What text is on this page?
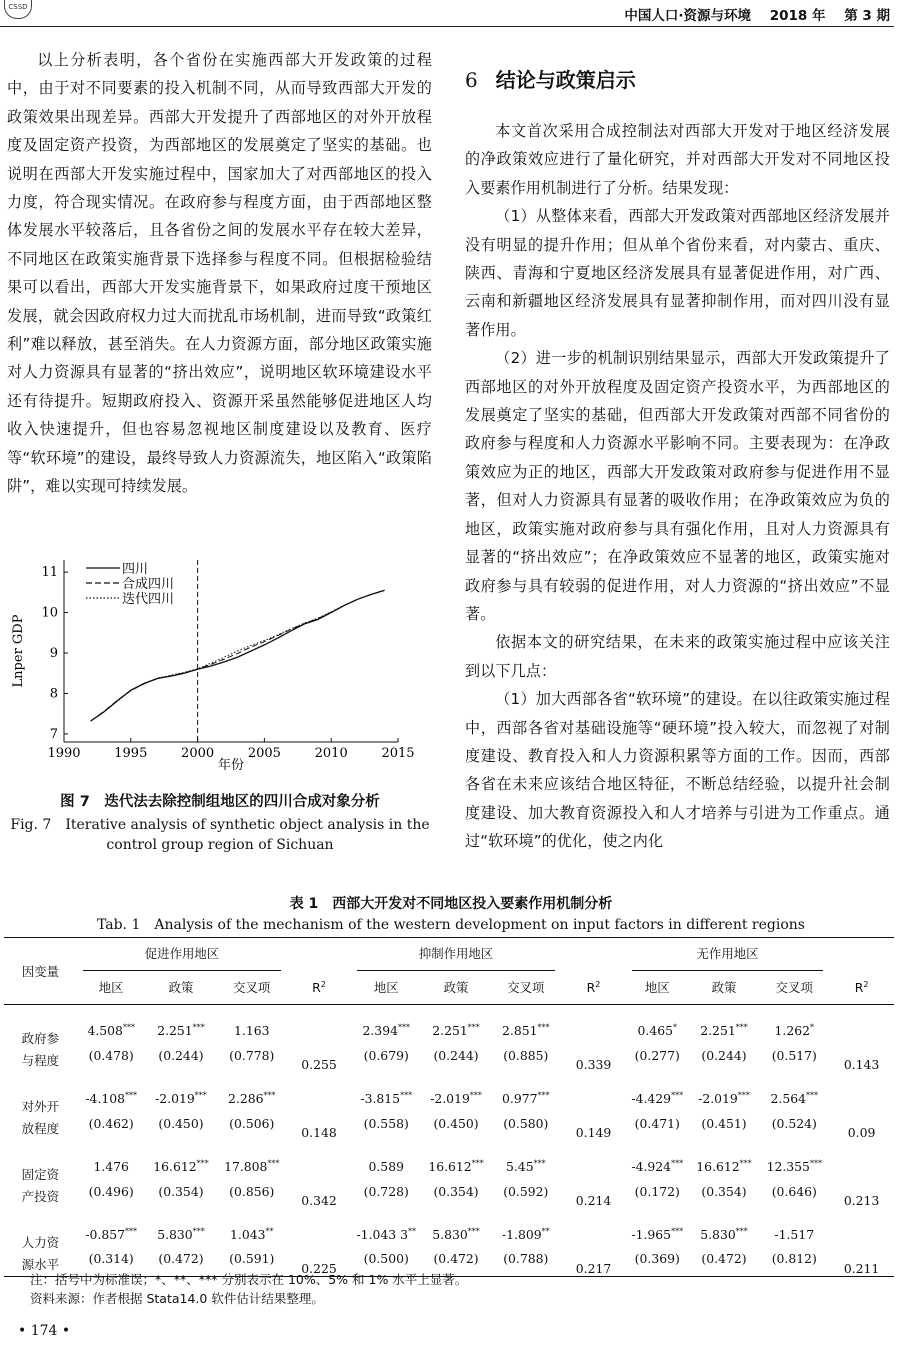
CSSD
中国人口·资源与环境 2018 年 第 3 期

以上分析表明，各个省份在实施西部大开发政策的过程中，由于对不同要素的投入机制不同，从而导致西部大开发的政策效果出现差异。西部大开发提升了西部地区的对外开放程度及固定资产投资，为西部地区的发展奠定了坚实的基础。也说明在西部大开发实施过程中，国家加大了对西部地区的投入力度，符合现实情况。在政府参与程度方面，由于西部地区整体发展水平较落后，且各省份之间的发展水平存在较大差异，不同地区在政策实施背景下选择参与程度不同。但根据检验结果可以看出，西部大开发实施背景下，如果政府过度干预地区发展，就会因政府权力过大而扰乱市场机制，进而导致“政策红利”难以释放，甚至消失。在人力资源方面，部分地区政策实施对人力资源具有显著的“挤出效应”，说明地区软环境建设水平还有待提升。短期政府投入、资源开采虽然能够促进地区人均收入快速提升，但也容易忽视地区制度建设以及教育、医疗等“软环境”的建设，最终导致人力资源流失，地区陷入“政策陷阱”，难以实现可持续发展。

6 结论与政策启示

本文首次采用合成控制法对西部大开发对于地区经济发展的净政策效应进行了量化研究，并对西部大开发对不同地区投入要素作用机制进行了分析。结果发现：

（1）从整体来看，西部大开发政策对西部地区经济发展并没有明显的提升作用；但从单个省份来看，对内蒙古、重庆、陕西、青海和宁夏地区经济发展具有显著促进作用，对广西、云南和新疆地区经济发展具有显著抑制作用，而对四川没有显著作用。

（2）进一步的机制识别结果显示，西部大开发政策提升了西部地区的对外开放程度及固定资产投资水平，为西部地区的发展奠定了坚实的基础，但西部大开发政策对西部不同省份的政府参与程度和人力资源水平影响不同。主要表现为：在净政策效应为正的地区，西部大开发政策对政府参与促进作用不显著，但对人力资源具有显著的吸收作用；在净政策效应为负的地区，政策实施对政府参与具有强化作用，且对人力资源具有显著的“挤出效应”；在净政策效应不显著的地区，政策实施对政府参与具有较弱的促进作用，对人力资源的“挤出效应”不显著。

依据本文的研究结果，在未来的政策实施过程中应该关注到以下几点：

（1）加大西部各省“软环境”的建设。在以往政策实施过程中，西部各省对基础设施等“硬环境”投入较大，而忽视了对制度建设、教育投入和人力资源积累等方面的工作。因而，西部各省在未来应该结合地区特征，不断总结经验，以提升社会制度建设、加大教育资源投入和人才培养与引进为工作重点。通过“软环境”的优化，使之内化

1990	1995	2000	2005	2010	2015
7
8
9
10
11
年份
Lnper GDP
四川
合成四川
迭代四川
图 7　迭代法去除控制组地区的四川合成对象分析
Fig. 7　Iterative analysis of synthetic object analysis in the control group region of Sichuan
表 1　西部大开发对不同地区投入要素作用机制分析
Tab. 1　Analysis of the mechanism of the western development on input factors in different regions
因变量	促进作用地区				抑制作用地区				无作用地区			

	地区	政策	交叉项	$R^2$	地区	政策	交叉项	$R^2$	地区	政策	交叉项	$R^2$

政府参
与程度	4.508***	2.251***	1.163	0.255	2.394***	2.251***	2.851***	0.339	0.465*	2.251***	1.262*	0.143
	(0.478)	(0.244)	(0.778)		(0.679)	(0.244)	(0.885)		(0.277)	(0.244)	(0.517)	

对外开
放程度	-4.108***	-2.019***	2.286***	0.148	-3.815***	-2.019***	0.977***	0.149	-4.429***	-2.019***	2.564***	0.09
	(0.462)	(0.450)	(0.506)		(0.558)	(0.450)	(0.580)		(0.471)	(0.451)	(0.524)	

固定资
产投资	1.476	16.612***	17.808***	0.342	0.589	16.612***	5.45***	0.214	-4.924***	16.612***	12.355***	0.213
	(0.496)	(0.354)	(0.856)		(0.728)	(0.354)	(0.592)		(0.172)	(0.354)	(0.646)	

人力资
源水平	-0.857***	5.830***	1.043**	0.225	-1.043 3**	5.830***	-1.809**	0.217	-1.965***	5.830***	-1.517	0.211
	(0.314)	(0.472)	(0.591)		(0.500)	(0.472)	(0.788)		(0.369)	(0.472)	(0.812)	
注：括号中为标准误；*、**、*** 分别表示在 10%、5% 和 1% 水平上显著。
资料来源：作者根据 Stata14.0 软件估计结果整理。
• 174 •
